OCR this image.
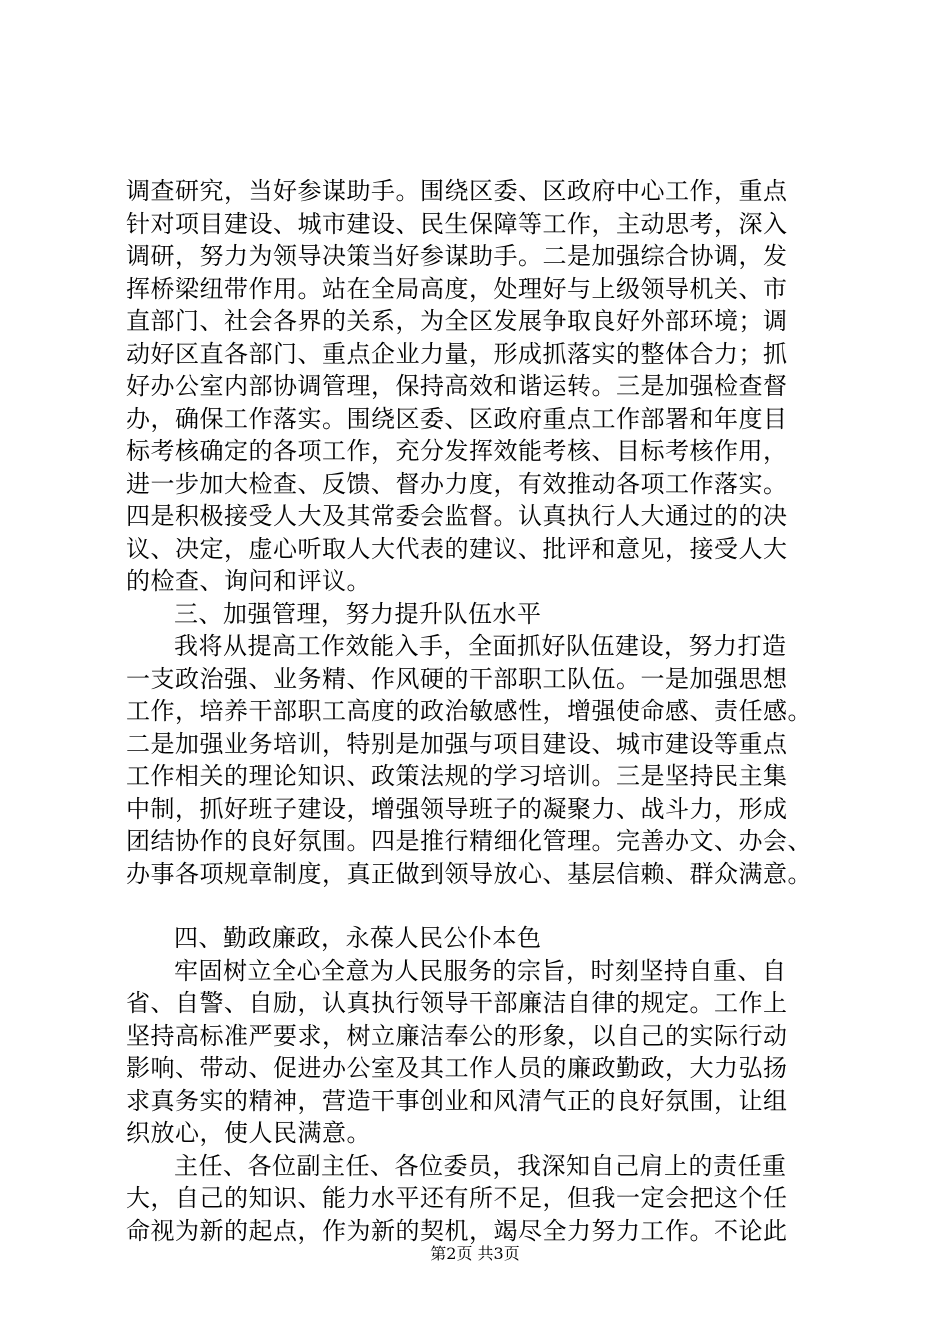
调查研究，当好参谋助手。围绕区委、区政府中心工作，重点
针对项目建设、城市建设、民生保障等工作，主动思考，深入
调研，努力为领导决策当好参谋助手。二是加强综合协调，发
挥桥梁纽带作用。站在全局高度，处理好与上级领导机关、市
直部门、社会各界的关系，为全区发展争取良好外部环境；调
动好区直各部门、重点企业力量，形成抓落实的整体合力；抓
好办公室内部协调管理，保持高效和谐运转。三是加强检查督
办，确保工作落实。围绕区委、区政府重点工作部署和年度目
标考核确定的各项工作，充分发挥效能考核、目标考核作用，
进一步加大检查、反馈、督办力度，有效推动各项工作落实。
四是积极接受人大及其常委会监督。认真执行人大通过的的决
议、决定，虚心听取人大代表的建议、批评和意见，接受人大
的检查、询问和评议。
三、加强管理，努力提升队伍水平
我将从提高工作效能入手，全面抓好队伍建设，努力打造
一支政治强、业务精、作风硬的干部职工队伍。一是加强思想
工作，培养干部职工高度的政治敏感性，增强使命感、责任感。
二是加强业务培训，特别是加强与项目建设、城市建设等重点
工作相关的理论知识、政策法规的学习培训。三是坚持民主集
中制，抓好班子建设，增强领导班子的凝聚力、战斗力，形成
团结协作的良好氛围。四是推行精细化管理。完善办文、办会、
办事各项规章制度，真正做到领导放心、基层信赖、群众满意。
四、勤政廉政，永葆人民公仆本色
牢固树立全心全意为人民服务的宗旨，时刻坚持自重、自
省、自警、自励，认真执行领导干部廉洁自律的规定。工作上
坚持高标准严要求，树立廉洁奉公的形象，以自己的实际行动
影响、带动、促进办公室及其工作人员的廉政勤政，大力弘扬
求真务实的精神，营造干事创业和风清气正的良好氛围，让组
织放心，使人民满意。
主任、各位副主任、各位委员，我深知自己肩上的责任重
大，自己的知识、能力水平还有所不足，但我一定会把这个任
命视为新的起点，作为新的契机，竭尽全力努力工作。不论此
第2页 共3页
